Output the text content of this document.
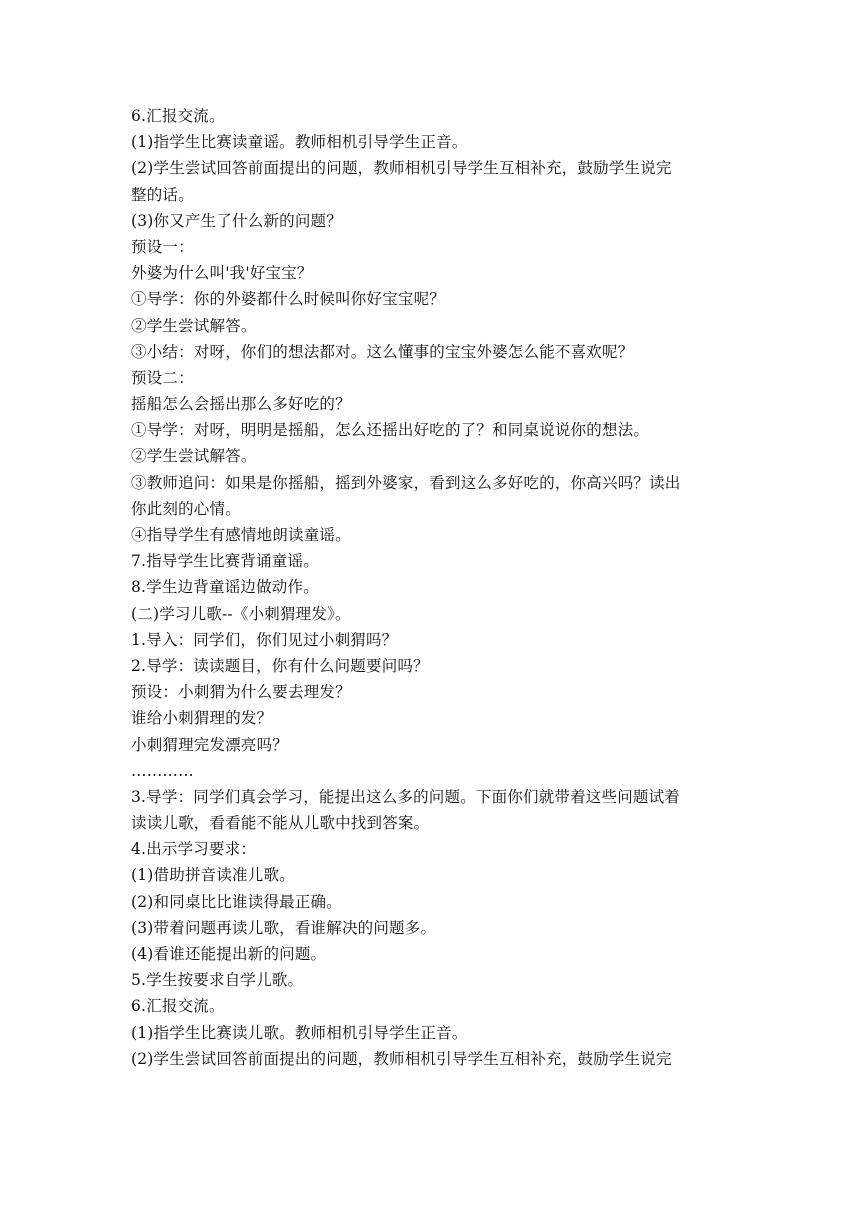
6.汇报交流。
(1)指学生比赛读童谣。教师相机引导学生正音。
(2)学生尝试回答前面提出的问题，教师相机引导学生互相补充，鼓励学生说完
整的话。
(3)你又产生了什么新的问题？
预设一：
外婆为什么叫'我'好宝宝？
①导学：你的外婆都什么时候叫你好宝宝呢？
②学生尝试解答。
③小结：对呀，你们的想法都对。这么懂事的宝宝外婆怎么能不喜欢呢？
预设二：
摇船怎么会摇出那么多好吃的？
①导学：对呀，明明是摇船，怎么还摇出好吃的了？和同桌说说你的想法。
②学生尝试解答。
③教师追问：如果是你摇船，摇到外婆家，看到这么多好吃的，你高兴吗？读出
你此刻的心情。
④指导学生有感情地朗读童谣。
7.指导学生比赛背诵童谣。
8.学生边背童谣边做动作。
(二)学习儿歌--《小刺猬理发》。
1.导入：同学们，你们见过小刺猬吗？
2.导学：读读题目，你有什么问题要问吗？
预设：小刺猬为什么要去理发？
谁给小刺猬理的发？
小刺猬理完发漂亮吗？
…………
3.导学：同学们真会学习，能提出这么多的问题。下面你们就带着这些问题试着
读读儿歌，看看能不能从儿歌中找到答案。
4.出示学习要求：
(1)借助拼音读准儿歌。
(2)和同桌比比谁读得最正确。
(3)带着问题再读儿歌，看谁解决的问题多。
(4)看谁还能提出新的问题。
5.学生按要求自学儿歌。
6.汇报交流。
(1)指学生比赛读儿歌。教师相机引导学生正音。
(2)学生尝试回答前面提出的问题，教师相机引导学生互相补充，鼓励学生说完
